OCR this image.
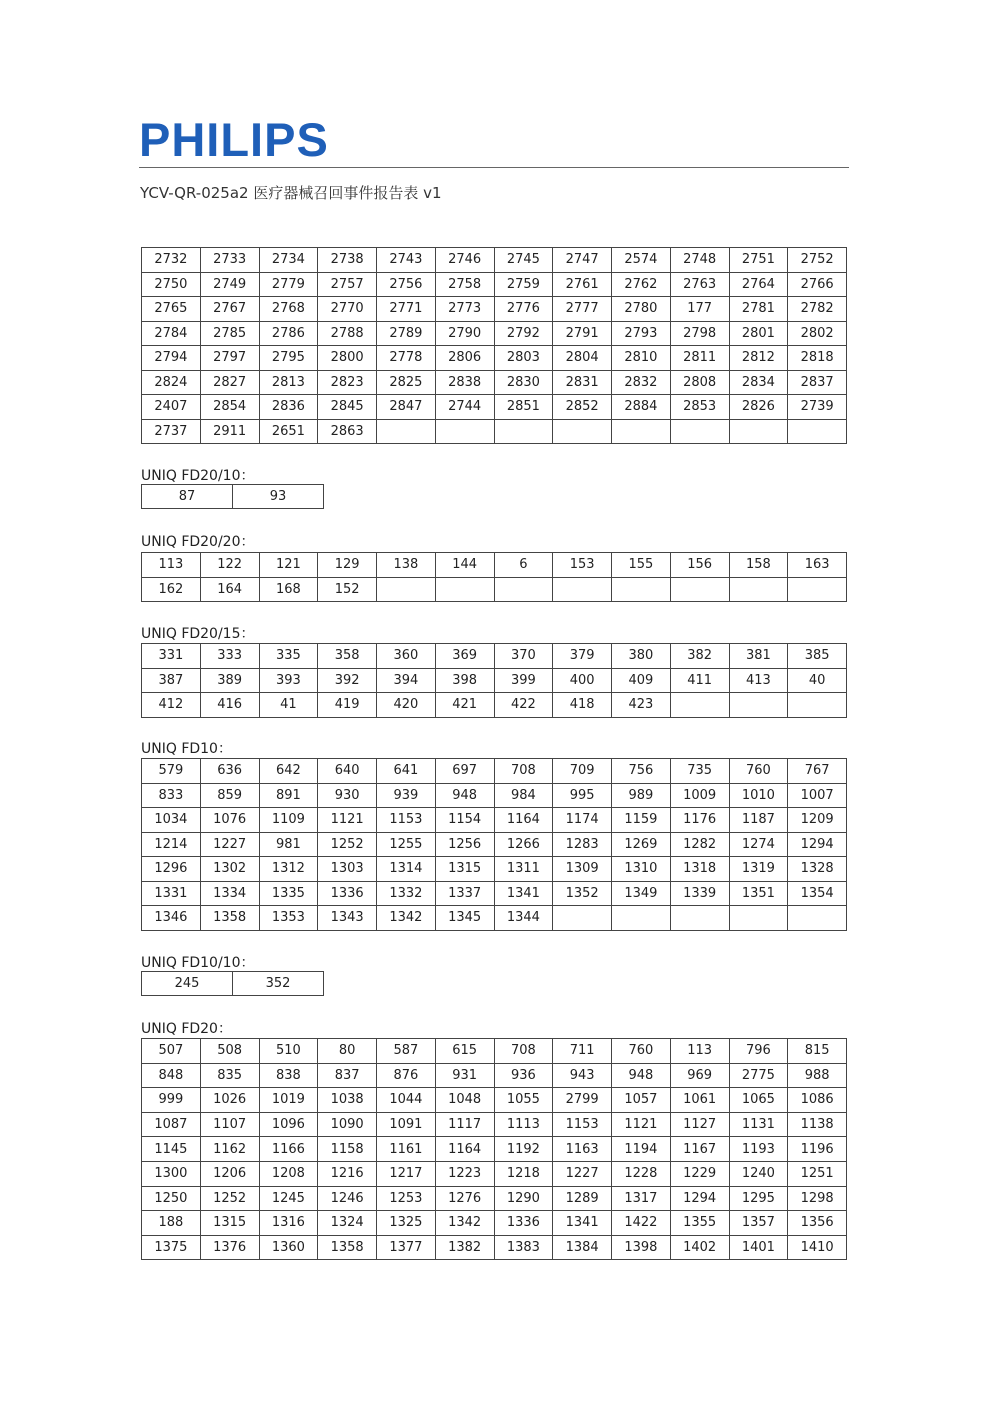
PHILIPS
YCV-QR-025a2 医疗器械召回事件报告表 v1
2732	2733	2734	2738	2743	2746	2745	2747	2574	2748	2751	2752
2750	2749	2779	2757	2756	2758	2759	2761	2762	2763	2764	2766
2765	2767	2768	2770	2771	2773	2776	2777	2780	177	2781	2782
2784	2785	2786	2788	2789	2790	2792	2791	2793	2798	2801	2802
2794	2797	2795	2800	2778	2806	2803	2804	2810	2811	2812	2818
2824	2827	2813	2823	2825	2838	2830	2831	2832	2808	2834	2837
2407	2854	2836	2845	2847	2744	2851	2852	2884	2853	2826	2739
2737	2911	2651	2863								
UNIQ FD20/10：
87	93
UNIQ FD20/20：
113	122	121	129	138	144	6	153	155	156	158	163
162	164	168	152								
UNIQ FD20/15：
331	333	335	358	360	369	370	379	380	382	381	385
387	389	393	392	394	398	399	400	409	411	413	40
412	416	41	419	420	421	422	418	423			
UNIQ FD10：
579	636	642	640	641	697	708	709	756	735	760	767
833	859	891	930	939	948	984	995	989	1009	1010	1007
1034	1076	1109	1121	1153	1154	1164	1174	1159	1176	1187	1209
1214	1227	981	1252	1255	1256	1266	1283	1269	1282	1274	1294
1296	1302	1312	1303	1314	1315	1311	1309	1310	1318	1319	1328
1331	1334	1335	1336	1332	1337	1341	1352	1349	1339	1351	1354
1346	1358	1353	1343	1342	1345	1344					
UNIQ FD10/10：
245	352
UNIQ FD20：
507	508	510	80	587	615	708	711	760	113	796	815
848	835	838	837	876	931	936	943	948	969	2775	988
999	1026	1019	1038	1044	1048	1055	2799	1057	1061	1065	1086
1087	1107	1096	1090	1091	1117	1113	1153	1121	1127	1131	1138
1145	1162	1166	1158	1161	1164	1192	1163	1194	1167	1193	1196
1300	1206	1208	1216	1217	1223	1218	1227	1228	1229	1240	1251
1250	1252	1245	1246	1253	1276	1290	1289	1317	1294	1295	1298
188	1315	1316	1324	1325	1342	1336	1341	1422	1355	1357	1356
1375	1376	1360	1358	1377	1382	1383	1384	1398	1402	1401	1410
